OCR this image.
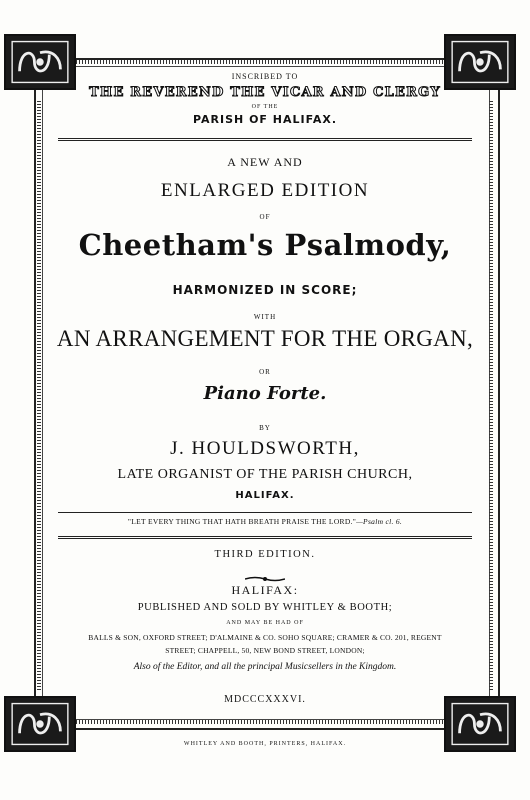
INSCRIBED TO
THE REVEREND THE VICAR AND CLERGY
OF THE
PARISH OF HALIFAX.
A NEW AND
ENLARGED EDITION
OF
Cheetham's Psalmody,
HARMONIZED IN SCORE;
WITH
AN ARRANGEMENT FOR THE ORGAN,
OR
Piano Forte.
BY
J. HOULDSWORTH,
LATE ORGANIST OF THE PARISH CHURCH,
HALIFAX.
"LET EVERY THING THAT HATH BREATH PRAISE THE LORD."—Psalm cl. 6.
THIRD EDITION.
HALIFAX:
PUBLISHED AND SOLD BY WHITLEY & BOOTH;
AND MAY BE HAD OF
BALLS & SON, OXFORD STREET; D'ALMAINE & CO. SOHO SQUARE; CRAMER & CO. 201, REGENT
STREET; CHAPPELL, 50, NEW BOND STREET, LONDON;
Also of the Editor, and all the principal Musicsellers in the Kingdom.
MDCCCXXXVI.
WHITLEY AND BOOTH, PRINTERS, HALIFAX.
